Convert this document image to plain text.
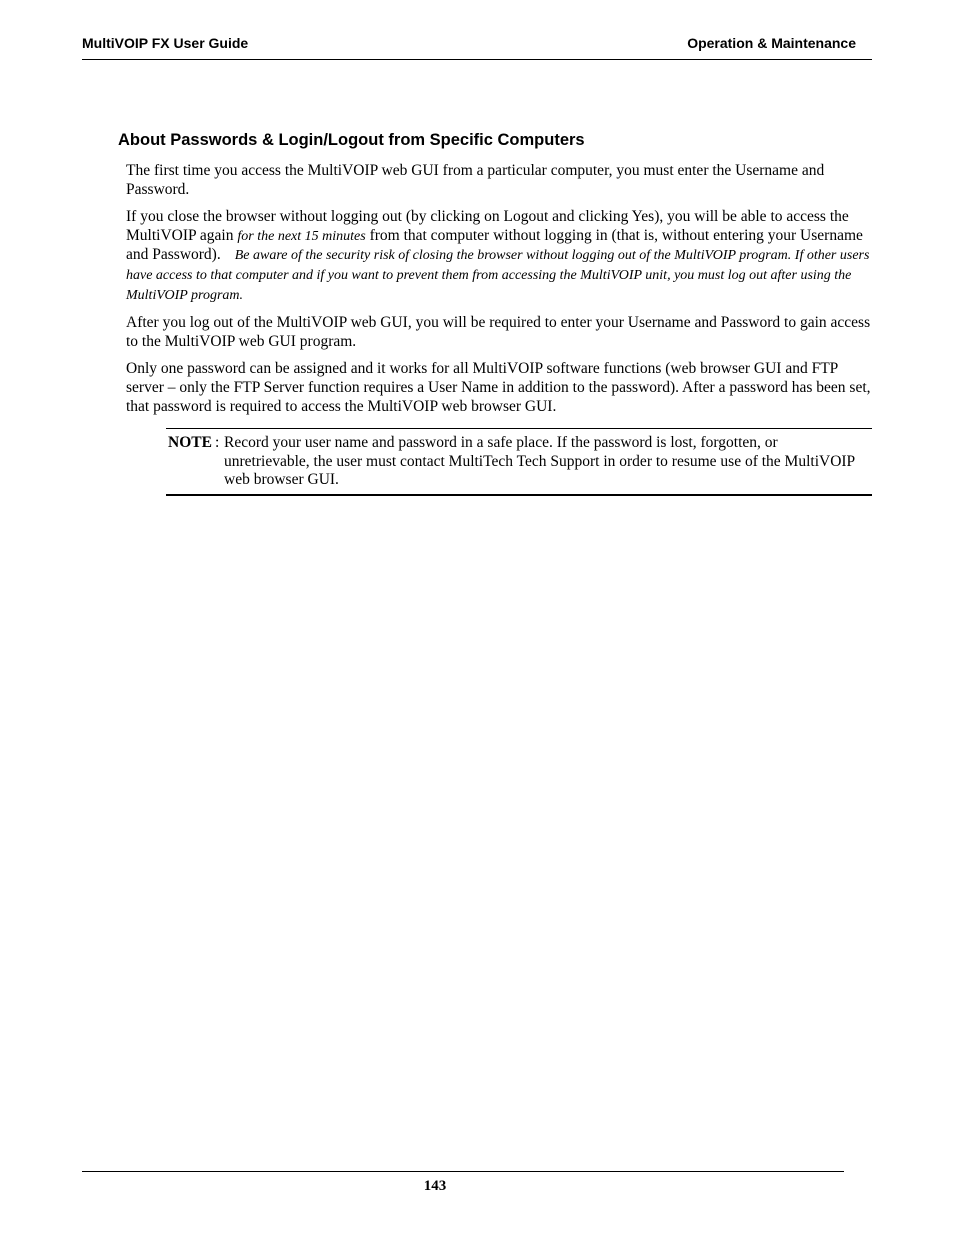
MultiVOIP FX User Guide	Operation & Maintenance
About Passwords & Login/Logout from Specific Computers

The first time you access the MultiVOIP web GUI from a particular computer, you must enter the Username and Password.

If you close the browser without logging out (by clicking on Logout and clicking Yes), you will be able to access the MultiVOIP again for the next 15 minutes from that computer without logging in (that is, without entering your Username and Password). Be aware of the security risk of closing the browser without logging out of the MultiVOIP program. If other users have access to that computer and if you want to prevent them from accessing the MultiVOIP unit, you must log out after using the MultiVOIP program.

After you log out of the MultiVOIP web GUI, you will be required to enter your Username and Password to gain access to the MultiVOIP web GUI program.

Only one password can be assigned and it works for all MultiVOIP software functions (web browser GUI and FTP server – only the FTP Server function requires a User Name in addition to the password). After a password has been set, that password is required to access the MultiVOIP web browser GUI.

NOTE : Record your user name and password in a safe place. If the password is lost, forgotten, or unretrievable, the user must contact MultiTech Tech Support in order to resume use of the MultiVOIP web browser GUI.
143
